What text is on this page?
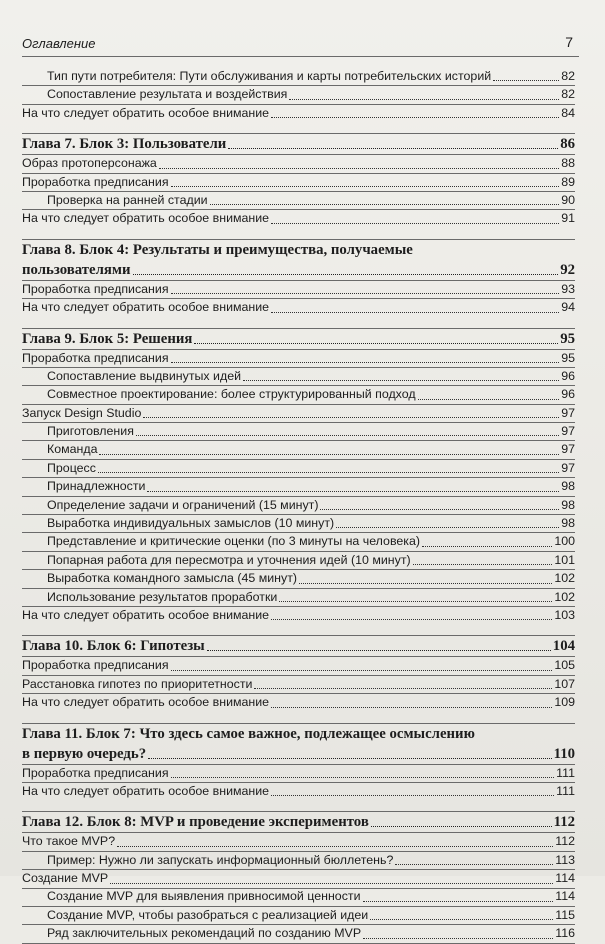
Оглавление	7
Тип пути потребителя: Пути обслуживания и карты потребительских историй	82
Сопоставление результата и воздействия	82
На что следует обратить особое внимание	84
Глава 7. Блок 3: Пользователи	86
Образ протоперсонажа	88
Проработка предписания	89
Проверка на ранней стадии	90
На что следует обратить особое внимание	91
Глава 8. Блок 4: Результаты и преимущества, получаемые
пользователями	92
Проработка предписания	93
На что следует обратить особое внимание	94
Глава 9. Блок 5: Решения	95
Проработка предписания	95
Сопоставление выдвинутых идей	96
Совместное проектирование: более структурированный подход	96
Запуск Design Studio	97
Приготовления	97
Команда	97
Процесс	97
Принадлежности	98
Определение задачи и ограничений (15 минут)	98
Выработка индивидуальных замыслов (10 минут)	98
Представление и критические оценки (по 3 минуты на человека)	100
Попарная работа для пересмотра и уточнения идей (10 минут)	101
Выработка командного замысла (45 минут)	102
Использование результатов проработки	102
На что следует обратить особое внимание	103
Глава 10. Блок 6: Гипотезы	104
Проработка предписания	105
Расстановка гипотез по приоритетности	107
На что следует обратить особое внимание	109
Глава 11. Блок 7: Что здесь самое важное, подлежащее осмыслению
в первую очередь?	110
Проработка предписания	111
На что следует обратить особое внимание	111
Глава 12. Блок 8: MVP и проведение экспериментов	112
Что такое MVP?	112
Пример: Нужно ли запускать информационный бюллетень?	113
Создание MVP	114
Создание MVP для выявления привносимой ценности	114
Создание MVP, чтобы разобраться с реализацией идеи	115
Ряд заключительных рекомендаций по созданию MVP	116
